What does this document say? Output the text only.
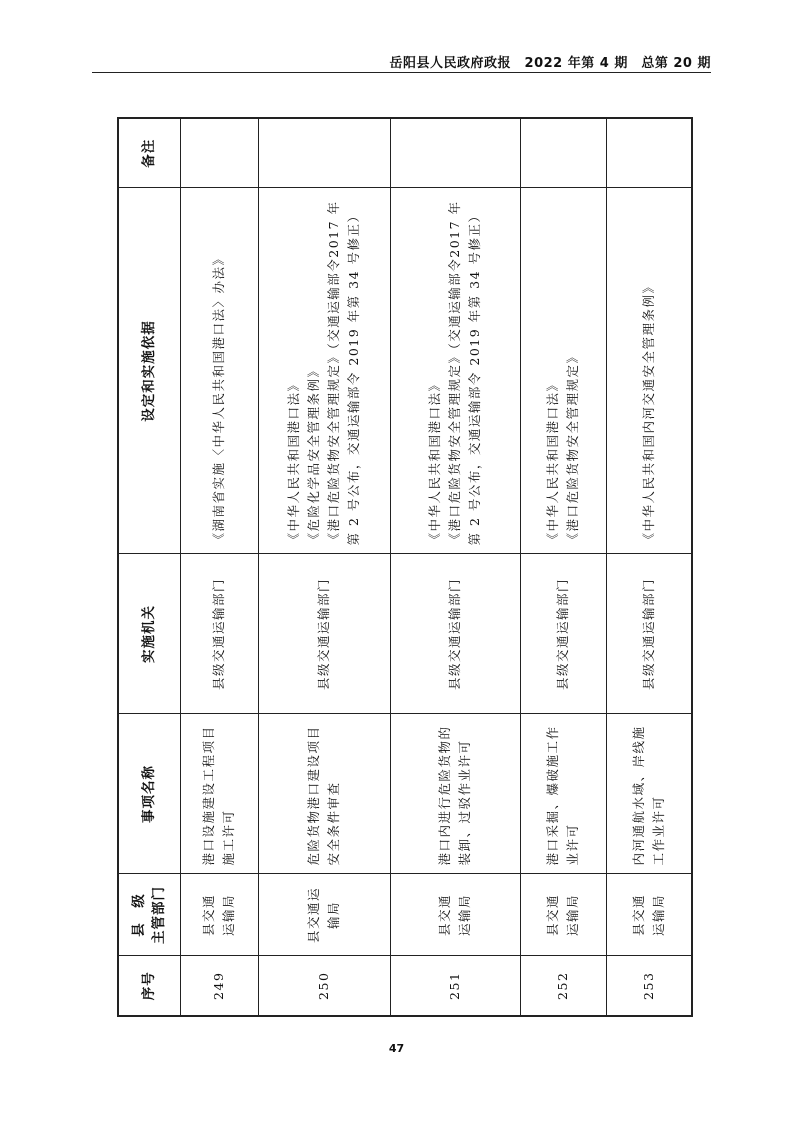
岳阳县人民政府政报　2022 年第 4 期　总第 20 期
序号	县　级 主管部门	事项名称	实施机关	设定和实施依据	备注
249	县交通 运输局	港口设施建设工程项目施工许可	县级交通运输部门	《湖南省实施〈中华人民共和国港口法〉办法》	

250	县交通运 输局	危险货物港口建设项目安全条件审查	县级交通运输部门	《中华人民共和国港口法》 《危险化学品安全管理条例》 《港口危险货物安全管理规定》（交通运输部令2017 年第 2 号公布，交通运输部令 2019 年第 34 号修正）	

251	县交通 运输局	港口内进行危险货物的装卸、过驳作业许可	县级交通运输部门	《中华人民共和国港口法》 《港口危险货物安全管理规定》（交通运输部令2017 年第 2 号公布，交通运输部令 2019 年第 34 号修正）	

252	县交通 运输局	港口采掘、爆破施工作业许可	县级交通运输部门	《中华人民共和国港口法》 《港口危险货物安全管理规定》	

253	县交通 运输局	内河通航水域、岸线施工作业许可	县级交通运输部门	《中华人民共和国内河交通安全管理条例》	

47
